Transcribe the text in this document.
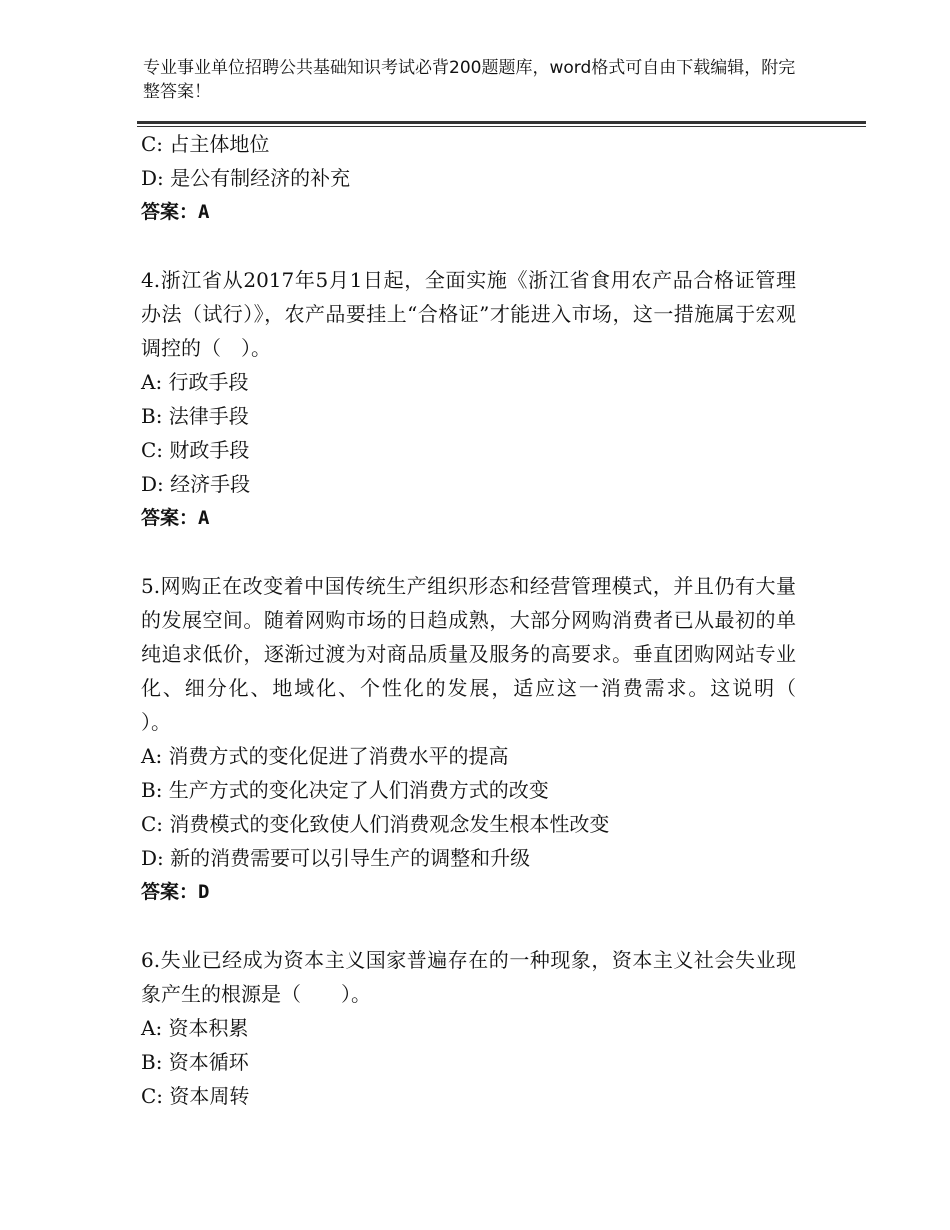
专业事业单位招聘公共基础知识考试必背200题题库，word格式可自由下载编辑，附完整答案！
C: 占主体地位
D: 是公有制经济的补充
答案：A
4.浙江省从2017年5月1日起，全面实施《浙江省食用农产品合格证管理办法（试行）》，农产品要挂上“合格证”才能进入市场，这一措施属于宏观调控的（　）。
A: 行政手段
B: 法律手段
C: 财政手段
D: 经济手段
答案：A
5.网购正在改变着中国传统生产组织形态和经营管理模式，并且仍有大量的发展空间。随着网购市场的日趋成熟，大部分网购消费者已从最初的单纯追求低价，逐渐过渡为对商品质量及服务的高要求。垂直团购网站专业化、细分化、地域化、个性化的发展，适应这一消费需求。这说明（　　）。
A: 消费方式的变化促进了消费水平的提高
B: 生产方式的变化决定了人们消费方式的改变
C: 消费模式的变化致使人们消费观念发生根本性改变
D: 新的消费需要可以引导生产的调整和升级
答案：D
6.失业已经成为资本主义国家普遍存在的一种现象，资本主义社会失业现象产生的根源是（　　）。
A: 资本积累
B: 资本循环
C: 资本周转
